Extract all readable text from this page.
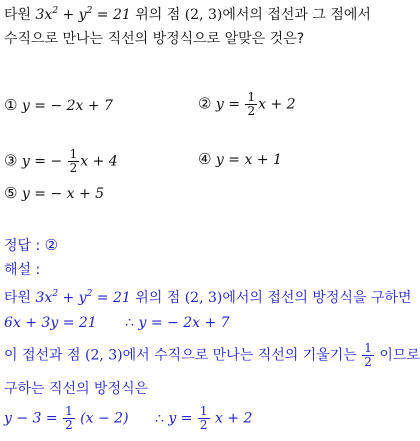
타원 $3x^2 + y^2 = 21$ 위의 점 (2, 3)에서의 접선과 그 점에서
수직으로 만나는 직선의 방정식으로 알맞은 것은?
① y = − 2x + 7	② $y = \frac{1}{2}$ x + 2
③ y = − $\frac{1}{2}$ x + 4	④ y = x + 1
⑤ y = − x + 5
정답 : ②
해설 :
타원 $3x^2 + y^2 = 21$ 위의 점 (2, 3)에서의 접선의 방정식을 구하면
6x + 3y = 21 ∴ y = − 2x + 7
이 접선과 점 (2, 3)에서 수직으로 만나는 직선의 기울기는 $\frac{1}{2}$ 이므로
구하는 직선의 방정식은
$y - 3 = \frac{1}{2} (x - 2)$ ∴ $y = \frac{1}{2}$ x + 2
